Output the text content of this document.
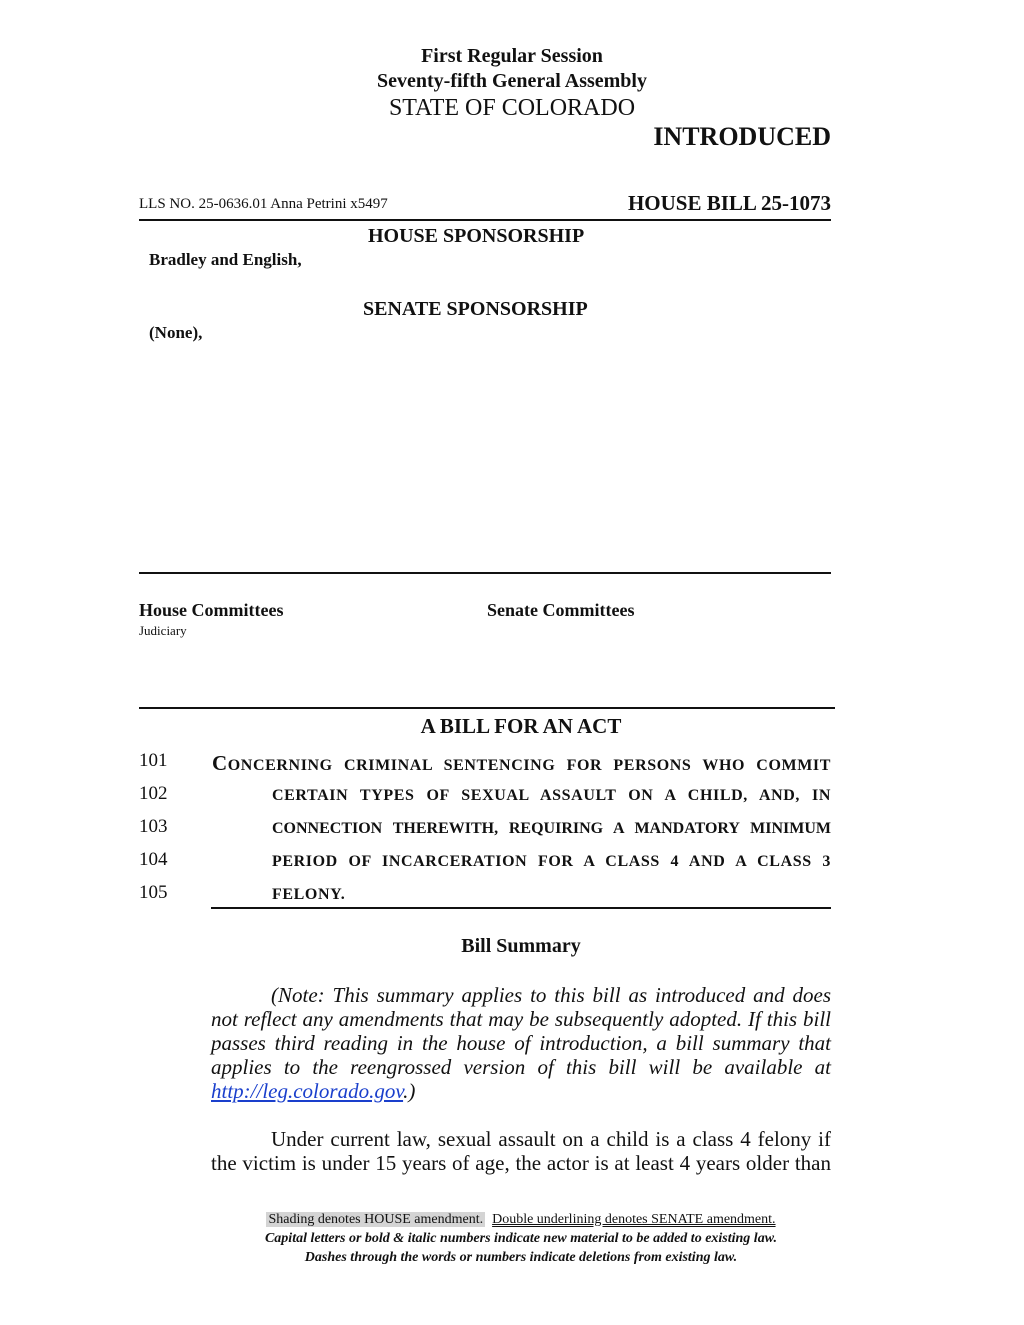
First Regular Session
Seventy-fifth General Assembly
STATE OF COLORADO
INTRODUCED
LLS NO. 25-0636.01 Anna Petrini x5497	HOUSE BILL 25-1073
HOUSE SPONSORSHIP
Bradley and English,
SENATE SPONSORSHIP
(None),
House Committees
Judiciary
Senate Committees
A BILL FOR AN ACT
101 CONCERNING CRIMINAL SENTENCING FOR PERSONS WHO COMMIT
102	CERTAIN TYPES OF SEXUAL ASSAULT ON A CHILD, AND, IN
103	CONNECTION THEREWITH, REQUIRING A MANDATORY MINIMUM
104	PERIOD OF INCARCERATION FOR A CLASS 4 AND A CLASS 3
105	FELONY.
Bill Summary
(Note: This summary applies to this bill as introduced and does
not reflect any amendments that may be subsequently adopted. If this bill
passes third reading in the house of introduction, a bill summary that
applies to the reengrossed version of this bill will be available at
http://leg.colorado.gov.)
Under current law, sexual assault on a child is a class 4 felony if
the victim is under 15 years of age, the actor is at least 4 years older than
Shading denotes HOUSE amendment. Double underlining denotes SENATE amendment.
Capital letters or bold & italic numbers indicate new material to be added to existing law.
Dashes through the words or numbers indicate deletions from existing law.
